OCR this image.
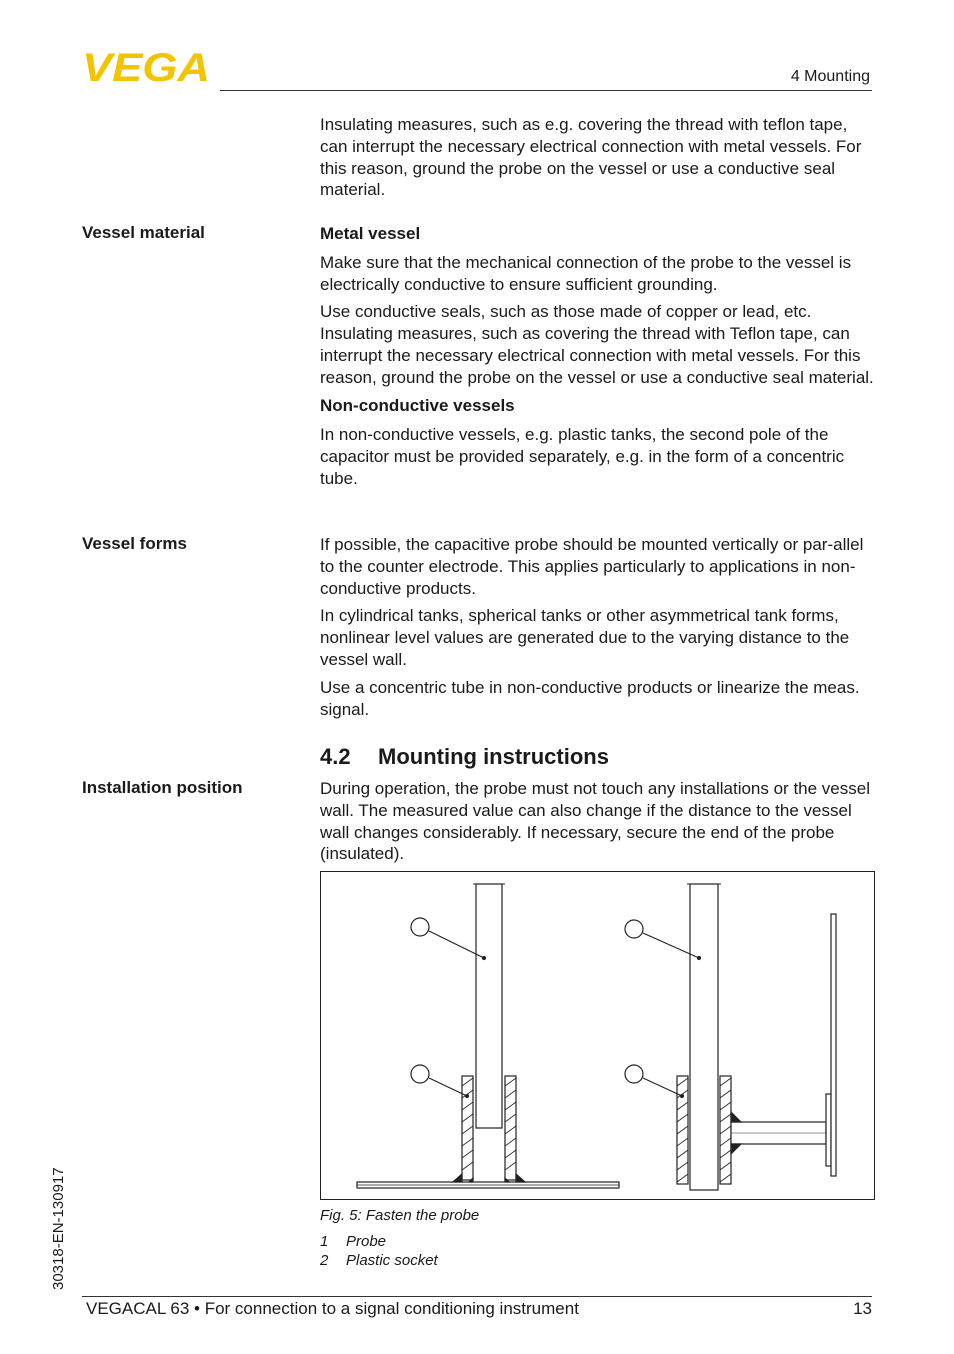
VEGA	4 Mounting
Insulating measures, such as e.g. covering the thread with teflon tape, can interrupt the necessary electrical connection with metal vessels. For this reason, ground the probe on the vessel or use a conductive seal material.
Vessel material	Metal vessel

Make sure that the mechanical connection of the probe to the vessel is electrically conductive to ensure sufficient grounding.

Use conductive seals, such as those made of copper or lead, etc. Insulating measures, such as covering the thread with Teflon tape, can interrupt the necessary electrical connection with metal vessels. For this reason, ground the probe on the vessel or use a conductive seal material.

Non-conductive vessels

In non-conductive vessels, e.g. plastic tanks, the second pole of the capacitor must be provided separately, e.g. in the form of a concentric tube.

Vessel forms	If possible, the capacitive probe should be mounted vertically or par-allel to the counter electrode. This applies particularly to applications in non-conductive products.

In cylindrical tanks, spherical tanks or other asymmetrical tank forms, nonlinear level values are generated due to the varying distance to the vessel wall.

Use a concentric tube in non-conductive products or linearize the meas. signal.

4.2 Mounting instructions
Installation position	During operation, the probe must not touch any installations or the vessel wall. The measured value can also change if the distance to the vessel wall changes considerably. If necessary, secure the end of the probe (insulated).
Fig. 5: Fasten the probe
1 Probe
2 Plastic socket
30318-EN-130917
VEGACAL 63 • For connection to a signal conditioning instrument	13
